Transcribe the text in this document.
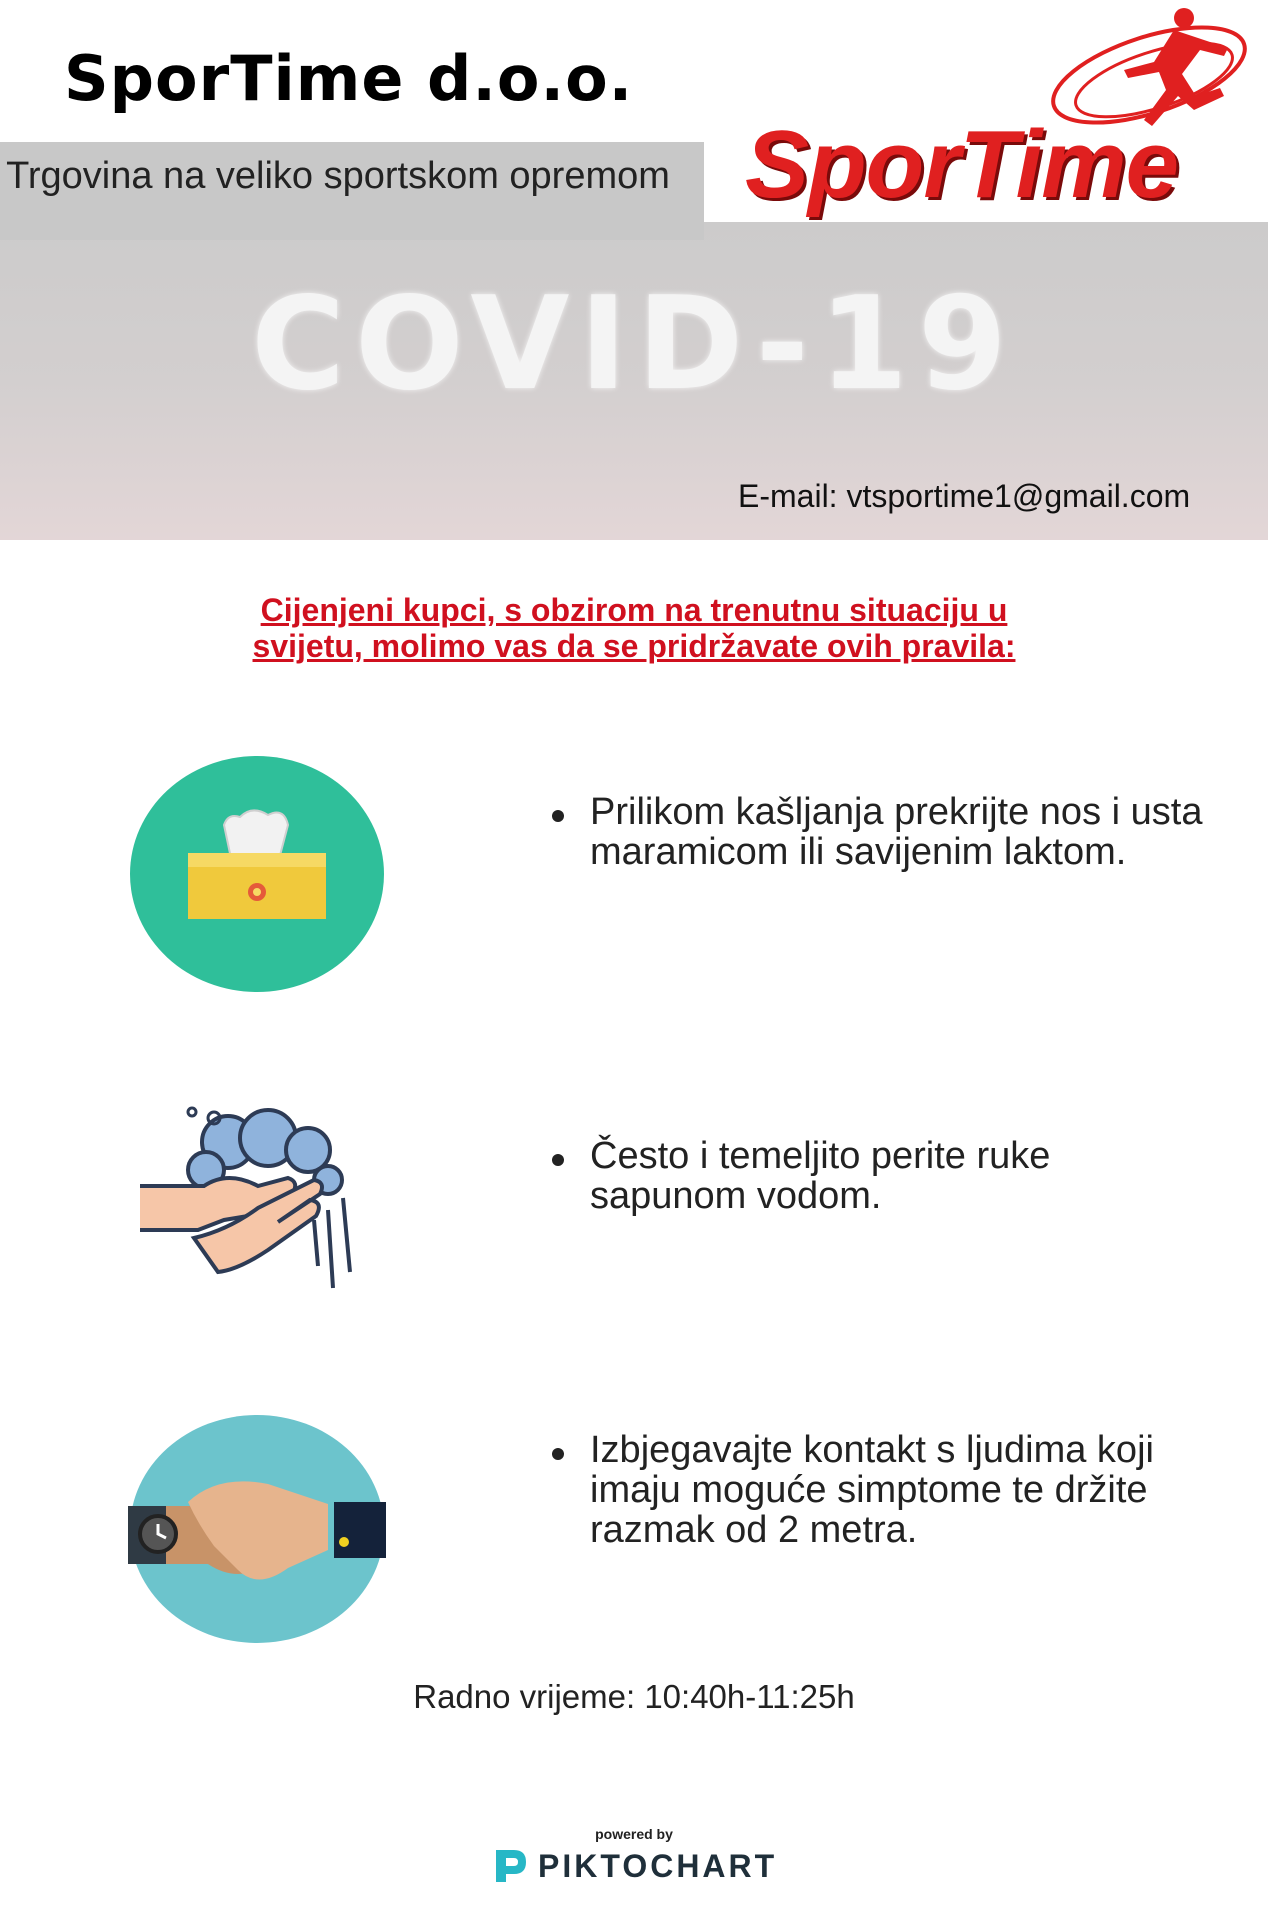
SporTime d.o.o.
Trgovina na veliko sportskom opremom SporTime
COVID-19
E-mail: vtsportime1@gmail.com
Cijenjeni kupci, s obzirom na trenutnu situaciju u svijetu, molimo vas da se pridržavate ovih pravila:
Prilikom kašljanja prekrijte nos i usta maramicom ili savijenim laktom.
Često i temeljito perite ruke sapunom vodom.
Izbjegavajte kontakt s ljudima koji imaju moguće simptome te držite razmak od 2 metra.
Radno vrijeme: 10:40h-11:25h
powered by
PIKTOCHART
